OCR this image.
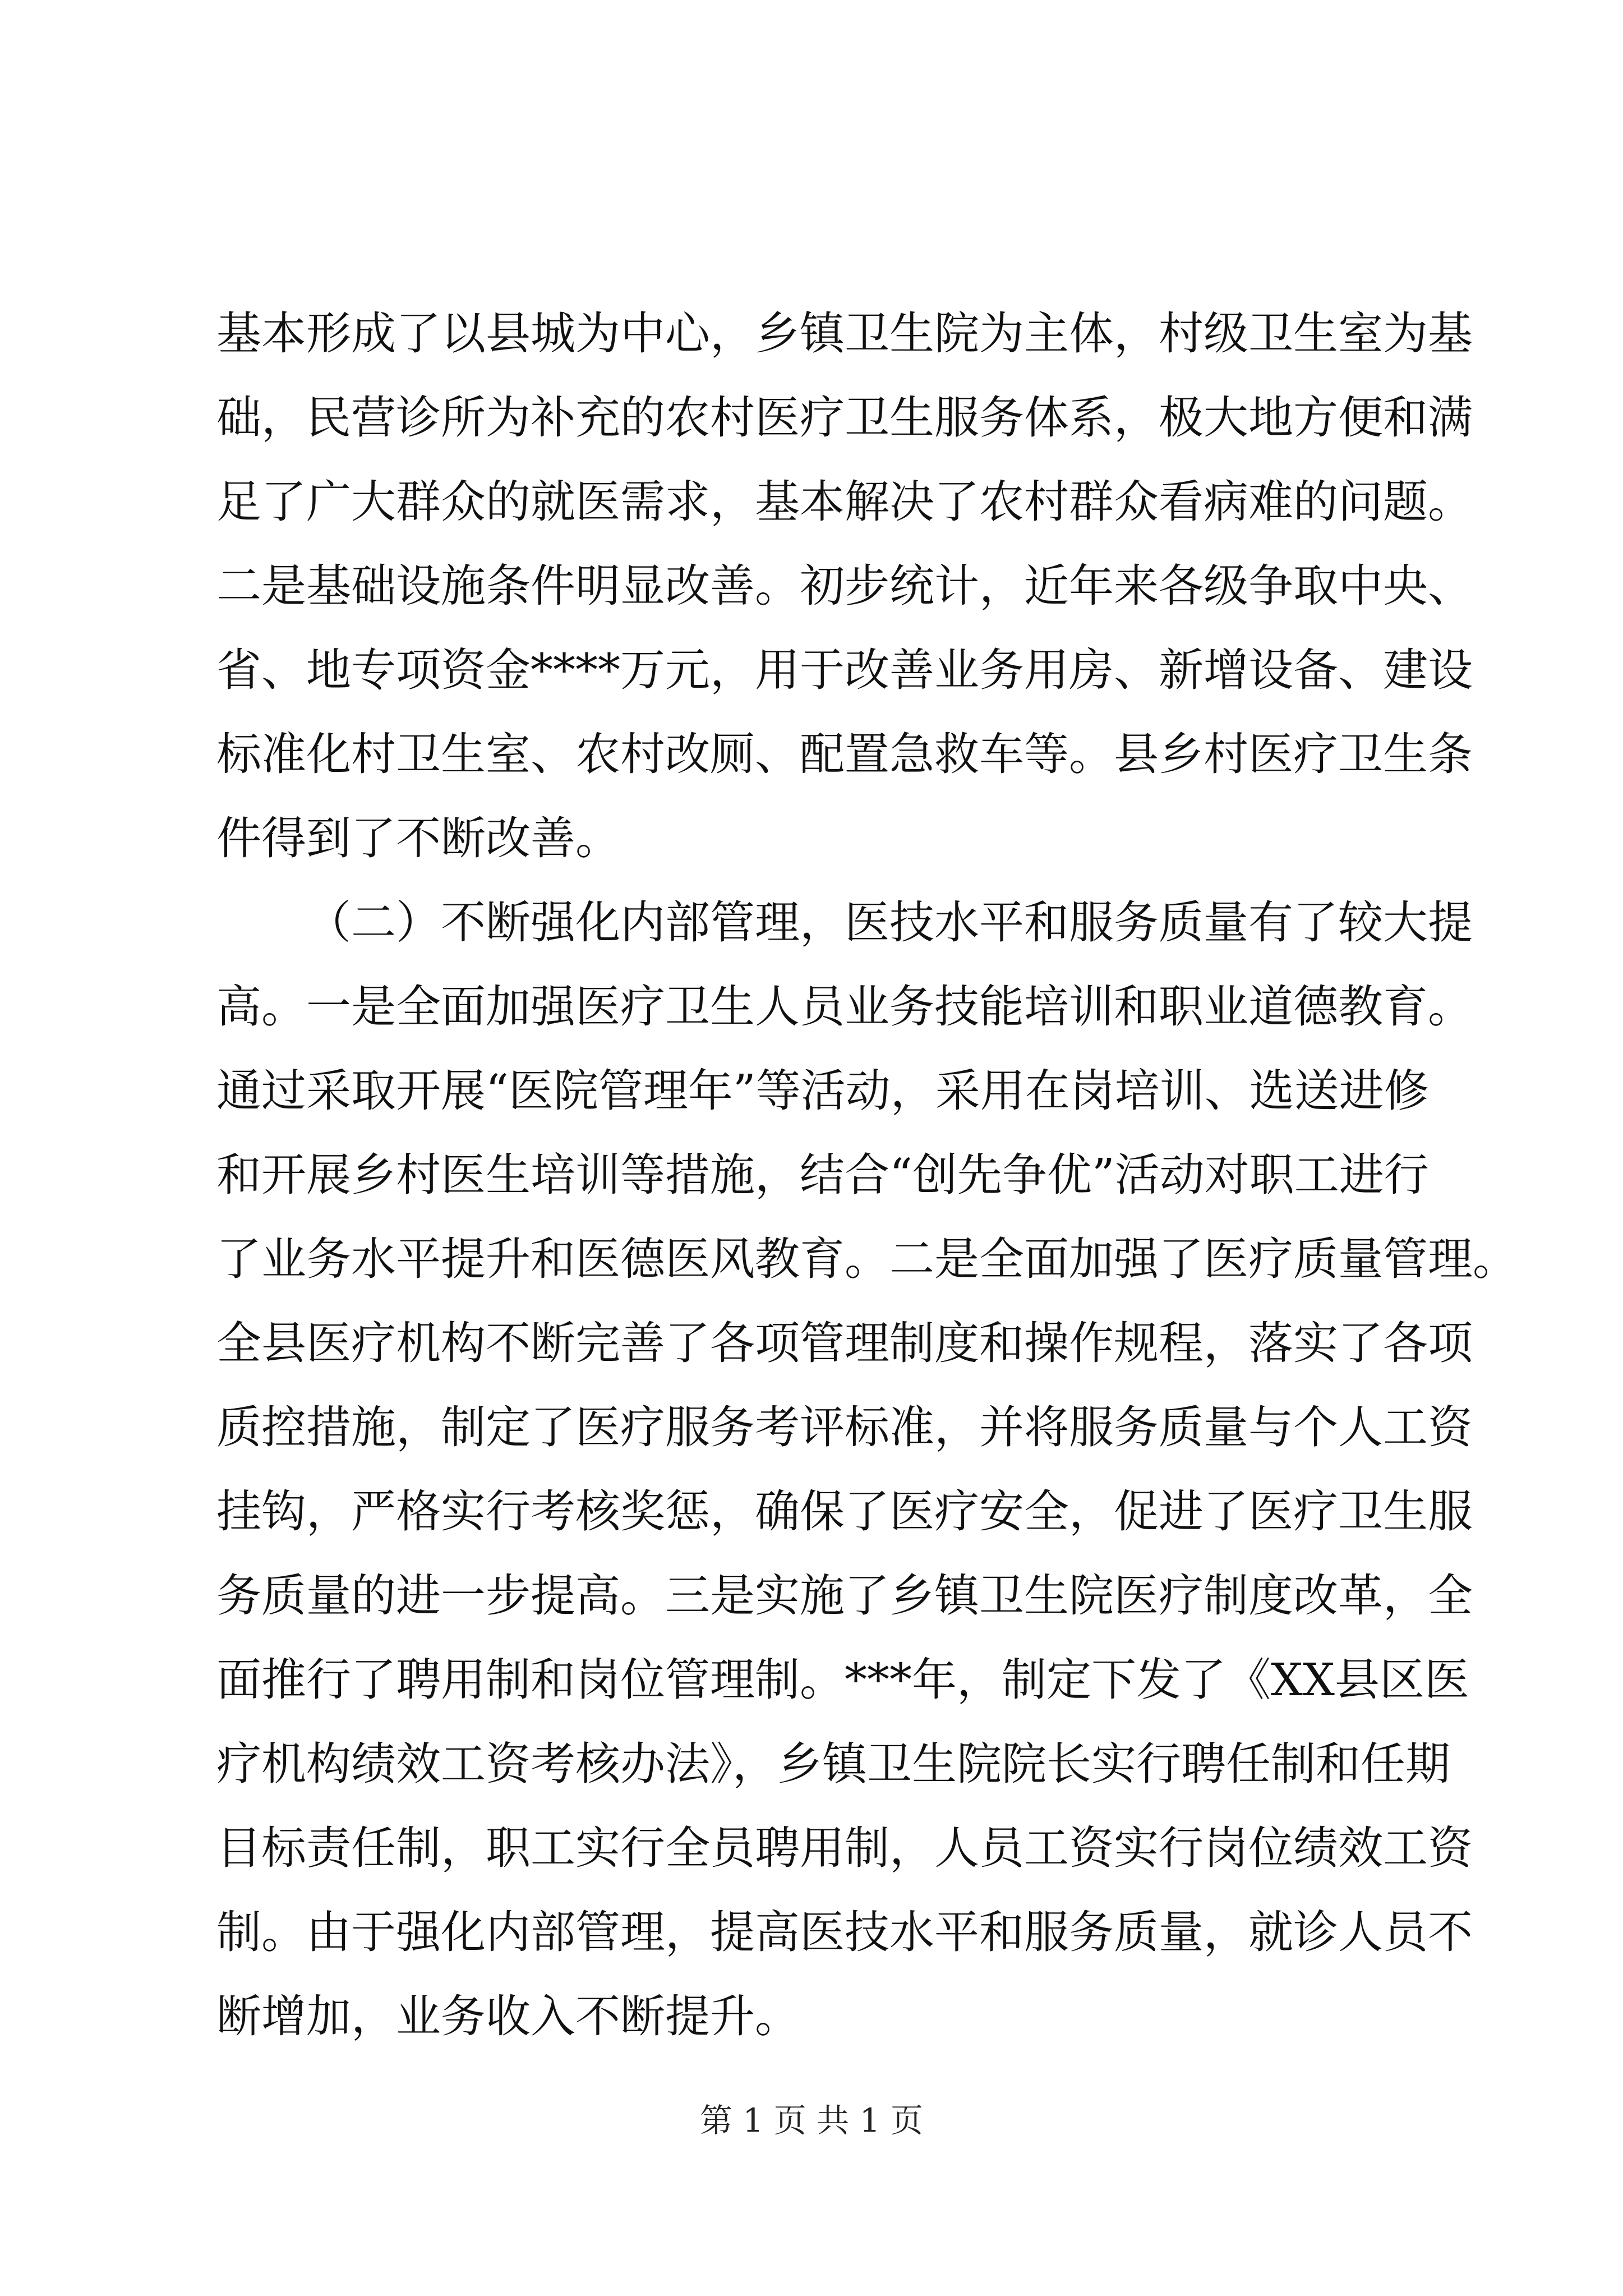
基本形成了以县城为中心，乡镇卫生院为主体，村级卫生室为基
础，民营诊所为补充的农村医疗卫生服务体系，极大地方便和满
足了广大群众的就医需求，基本解决了农村群众看病难的问题。
二是基础设施条件明显改善。初步统计，近年来各级争取中央、
省、地专项资金****万元，用于改善业务用房、新增设备、建设
标准化村卫生室、农村改厕、配置急救车等。县乡村医疗卫生条
件得到了不断改善。
（二）不断强化内部管理，医技水平和服务质量有了较大提
高。一是全面加强医疗卫生人员业务技能培训和职业道德教育。
通过采取开展“医院管理年”等活动，采用在岗培训、选送进修
和开展乡村医生培训等措施，结合“创先争优”活动对职工进行
了业务水平提升和医德医风教育。二是全面加强了医疗质量管理。
全县医疗机构不断完善了各项管理制度和操作规程，落实了各项
质控措施，制定了医疗服务考评标准，并将服务质量与个人工资
挂钩，严格实行考核奖惩，确保了医疗安全，促进了医疗卫生服
务质量的进一步提高。三是实施了乡镇卫生院医疗制度改革，全
面推行了聘用制和岗位管理制。***年，制定下发了《XX县区医
疗机构绩效工资考核办法》，乡镇卫生院院长实行聘任制和任期
目标责任制，职工实行全员聘用制，人员工资实行岗位绩效工资
制。由于强化内部管理，提高医技水平和服务质量，就诊人员不
断增加，业务收入不断提升。
第 1 页 共 1 页
